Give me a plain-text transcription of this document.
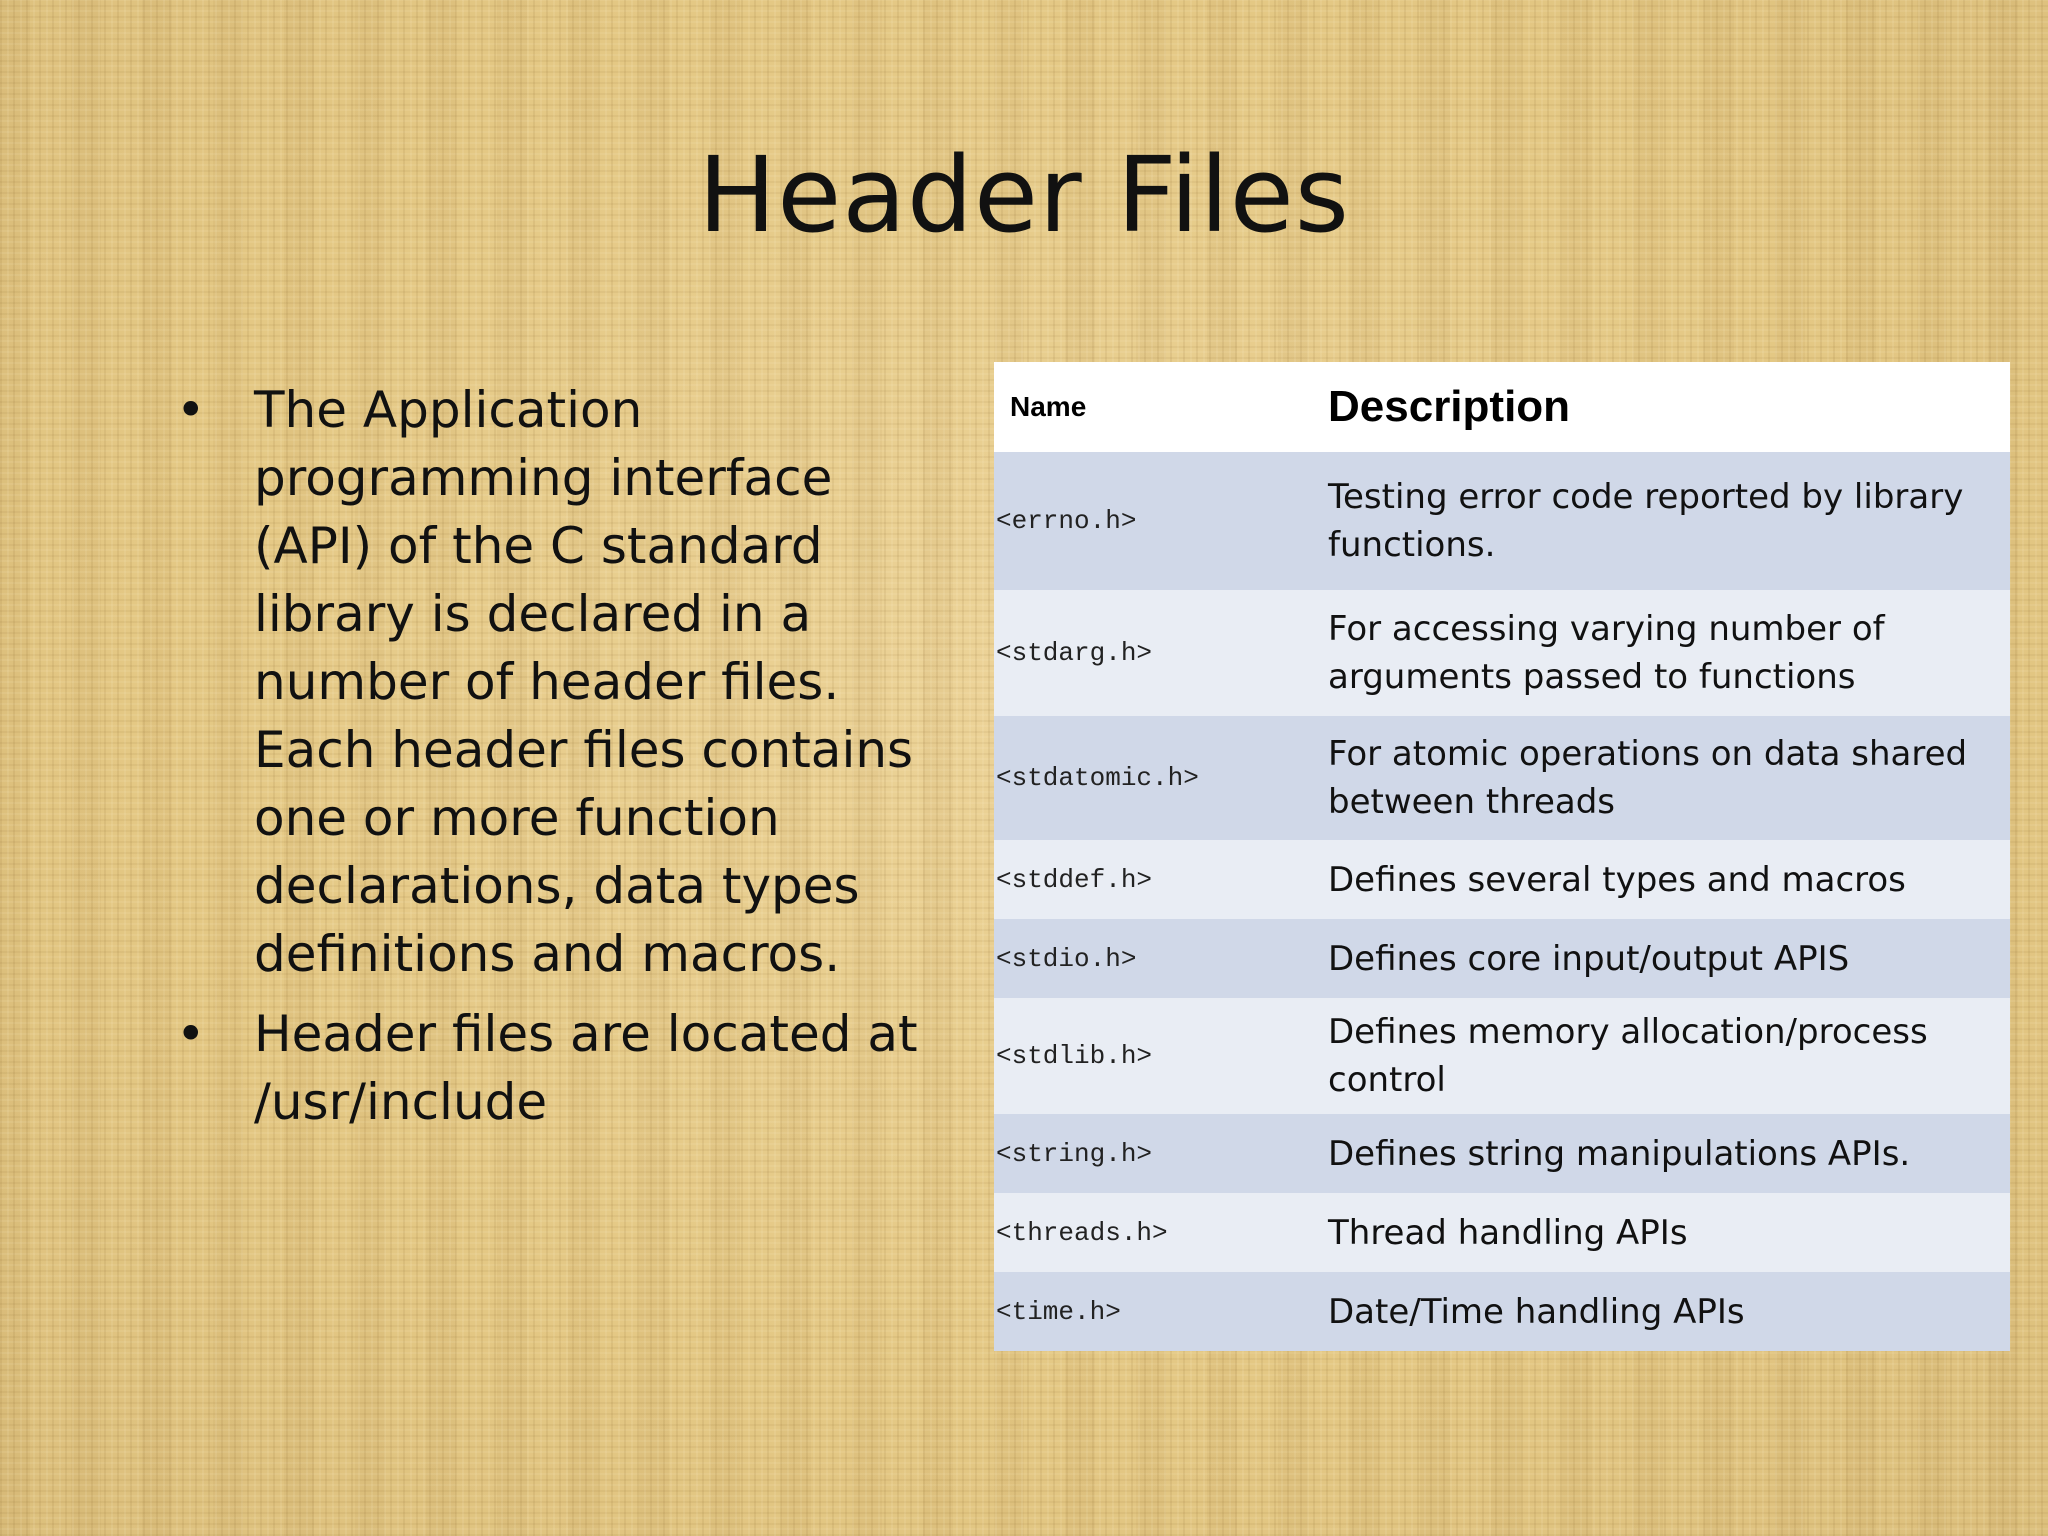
Header Files
• The Application programming interface (API) of the C standard library is declared in a number of header files. Each header files contains one or more function declarations, data types definitions and macros.
• Header files are located at /usr/include
Name	Description
<errno.h>	Testing error code reported by library functions.
<stdarg.h>	For accessing varying number of arguments passed to functions
<stdatomic.h>	For atomic operations on data shared between threads
<stddef.h>	Defines several types and macros
<stdio.h>	Defines core input/output APIS
<stdlib.h>	Defines memory allocation/process control
<string.h>	Defines string manipulations APIs.
<threads.h>	Thread handling APIs
<time.h>	Date/Time handling APIs
